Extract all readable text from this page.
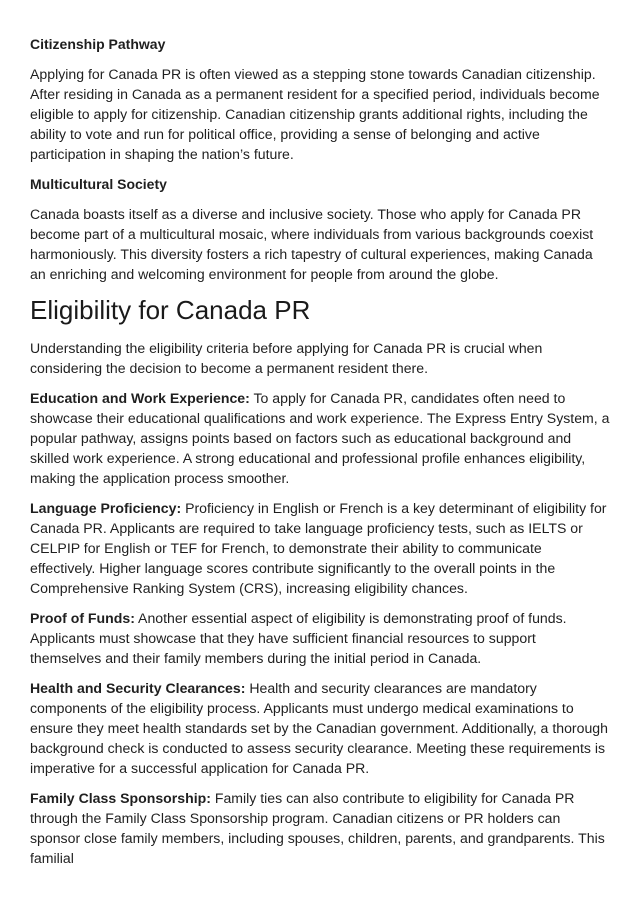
Citizenship Pathway

Applying for Canada PR is often viewed as a stepping stone towards Canadian citizenship. After residing in Canada as a permanent resident for a specified period, individuals become eligible to apply for citizenship. Canadian citizenship grants additional rights, including the ability to vote and run for political office, providing a sense of belonging and active participation in shaping the nation’s future.

Multicultural Society

Canada boasts itself as a diverse and inclusive society. Those who apply for Canada PR become part of a multicultural mosaic, where individuals from various backgrounds coexist harmoniously. This diversity fosters a rich tapestry of cultural experiences, making Canada an enriching and welcoming environment for people from around the globe.

Eligibility for Canada PR

Understanding the eligibility criteria before applying for Canada PR is crucial when considering the decision to become a permanent resident there.

Education and Work Experience: To apply for Canada PR, candidates often need to showcase their educational qualifications and work experience. The Express Entry System, a popular pathway, assigns points based on factors such as educational background and skilled work experience. A strong educational and professional profile enhances eligibility, making the application process smoother.

Language Proficiency: Proficiency in English or French is a key determinant of eligibility for Canada PR. Applicants are required to take language proficiency tests, such as IELTS or CELPIP for English or TEF for French, to demonstrate their ability to communicate effectively. Higher language scores contribute significantly to the overall points in the Comprehensive Ranking System (CRS), increasing eligibility chances.

Proof of Funds: Another essential aspect of eligibility is demonstrating proof of funds. Applicants must showcase that they have sufficient financial resources to support themselves and their family members during the initial period in Canada.

Health and Security Clearances: Health and security clearances are mandatory components of the eligibility process. Applicants must undergo medical examinations to ensure they meet health standards set by the Canadian government. Additionally, a thorough background check is conducted to assess security clearance. Meeting these requirements is imperative for a successful application for Canada PR.

Family Class Sponsorship: Family ties can also contribute to eligibility for Canada PR through the Family Class Sponsorship program. Canadian citizens or PR holders can sponsor close family members, including spouses, children, parents, and grandparents. This familial
